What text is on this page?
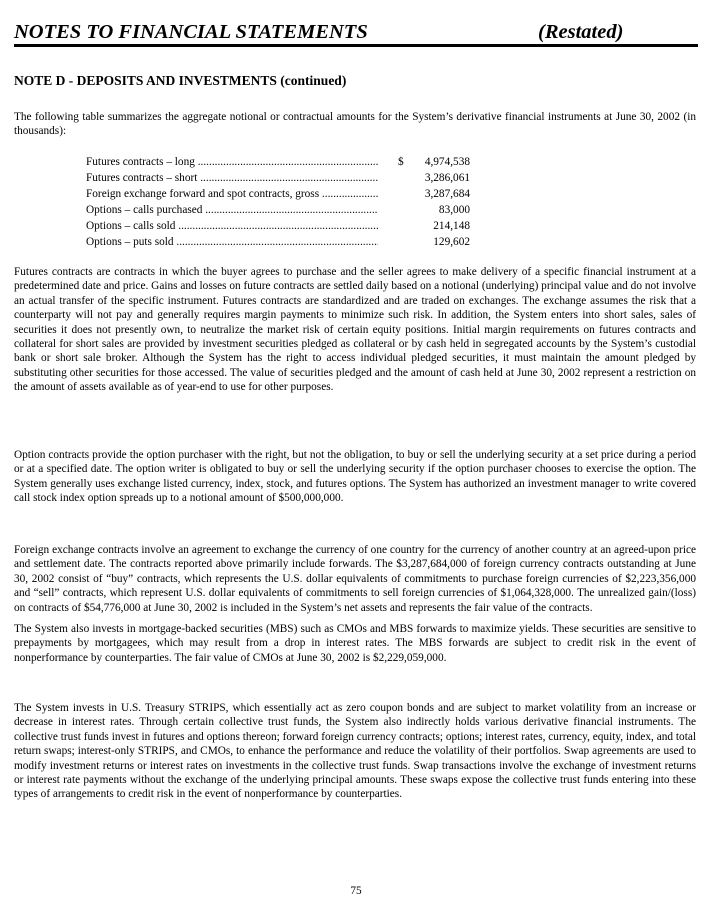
NOTES TO FINANCIAL STATEMENTS	(Restated)
NOTE D - DEPOSITS AND INVESTMENTS (continued)

The following table summarizes the aggregate notional or contractual amounts for the System’s derivative financial instruments at June 30, 2002 (in thousands):

Futures contracts – long .....	$ 4,974,538
Futures contracts – short .....	3,286,061
Foreign exchange forward and spot contracts, gross .....	3,287,684
Options – calls purchased .....	83,000
Options – calls sold .....	214,148
Options – puts sold .....	129,602

Futures contracts are contracts in which the buyer agrees to purchase and the seller agrees to make delivery of a specific financial instrument at a predetermined date and price. Gains and losses on future contracts are settled daily based on a notional (underlying) principal value and do not involve an actual transfer of the specific instrument. Futures contracts are standardized and are traded on exchanges. The exchange assumes the risk that a counterparty will not pay and generally requires margin payments to minimize such risk. In addition, the System enters into short sales, sales of securities it does not presently own, to neutralize the market risk of certain equity positions. Initial margin requirements on futures contracts and collateral for short sales are provided by investment securities pledged as collateral or by cash held in segregated accounts by the System’s custodial bank or short sale broker. Although the System has the right to access individual pledged securities, it must maintain the amount pledged by substituting other securities for those accessed. The value of securities pledged and the amount of cash held at June 30, 2002 represent a restriction on the amount of assets available as of year-end to use for other purposes.

Option contracts provide the option purchaser with the right, but not the obligation, to buy or sell the underlying security at a set price during a period or at a specified date. The option writer is obligated to buy or sell the underlying security if the option purchaser chooses to exercise the option. The System generally uses exchange listed currency, index, stock, and futures options. The System has authorized an investment manager to write covered call stock index option spreads up to a notional amount of $500,000,000.

Foreign exchange contracts involve an agreement to exchange the currency of one country for the currency of another country at an agreed-upon price and settlement date. The contracts reported above primarily include forwards. The $3,287,684,000 of foreign currency contracts outstanding at June 30, 2002 consist of “buy” contracts, which represents the U.S. dollar equivalents of commitments to purchase foreign currencies of $2,223,356,000 and “sell” contracts, which represent U.S. dollar equivalents of commitments to sell foreign currencies of $1,064,328,000. The unrealized gain/(loss) on contracts of $54,776,000 at June 30, 2002 is included in the System’s net assets and represents the fair value of the contracts.

The System also invests in mortgage-backed securities (MBS) such as CMOs and MBS forwards to maximize yields. These securities are sensitive to prepayments by mortgagees, which may result from a drop in interest rates. The MBS forwards are subject to credit risk in the event of nonperformance by counterparties. The fair value of CMOs at June 30, 2002 is $2,229,059,000.

The System invests in U.S. Treasury STRIPS, which essentially act as zero coupon bonds and are subject to market volatility from an increase or decrease in interest rates. Through certain collective trust funds, the System also indirectly holds various derivative financial instruments. The collective trust funds invest in futures and options thereon; forward foreign currency contracts; options; interest rates, currency, equity, index, and total return swaps; interest-only STRIPS, and CMOs, to enhance the performance and reduce the volatility of their portfolios. Swap agreements are used to modify investment returns or interest rates on investments in the collective trust funds. Swap transactions involve the exchange of investment returns or interest rate payments without the exchange of the underlying principal amounts. These swaps expose the collective trust funds entering into these types of arrangements to credit risk in the event of nonperformance by counterparties.

75
